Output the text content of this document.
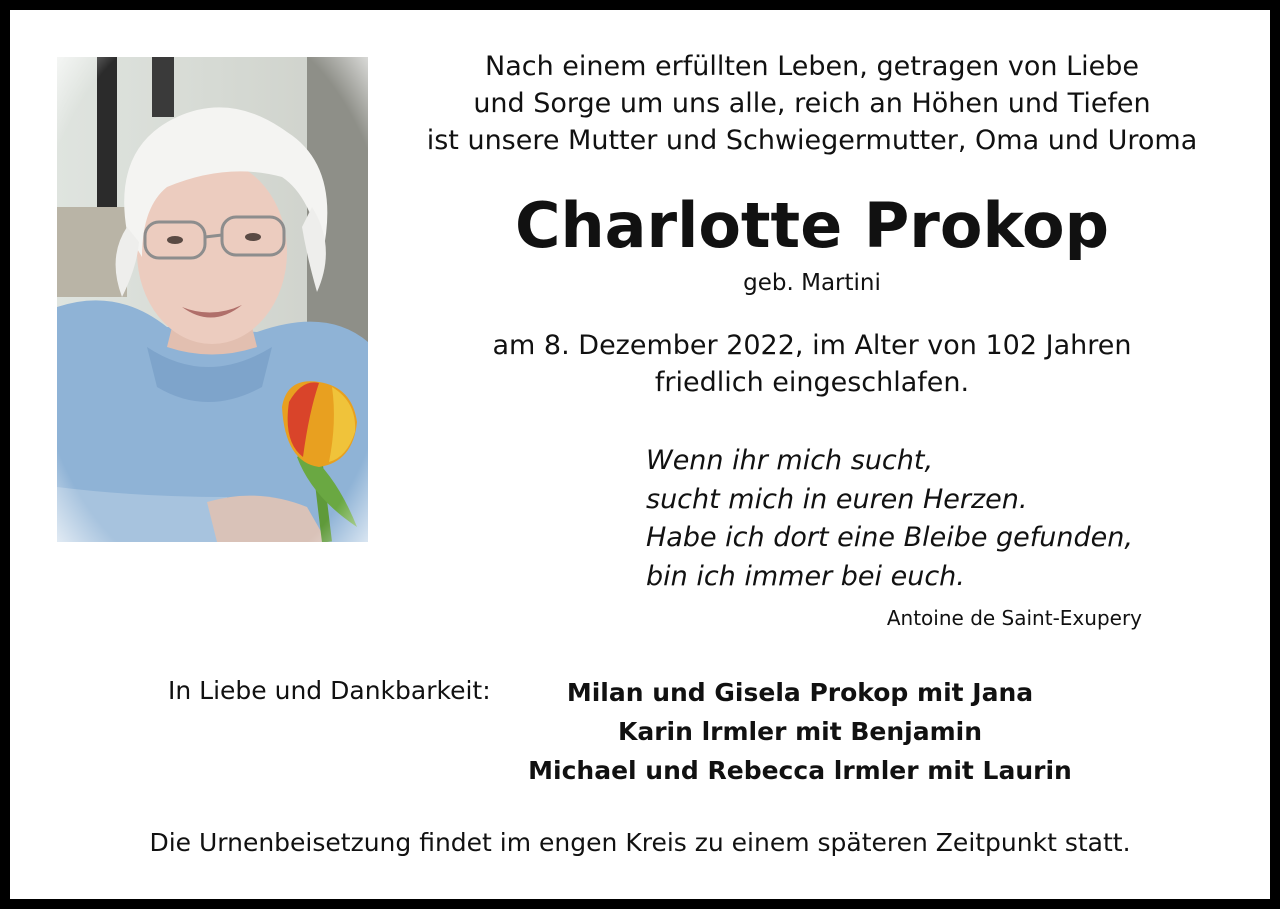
Nach einem erfüllten Leben, getragen von Liebe
und Sorge um uns alle, reich an Höhen und Tiefen
ist unsere Mutter und Schwiegermutter, Oma und Uroma
Charlotte Prokop
geb. Martini
am 8. Dezember 2022, im Alter von 102 Jahren
friedlich eingeschlafen.
Wenn ihr mich sucht,
sucht mich in euren Herzen.
Habe ich dort eine Bleibe gefunden,
bin ich immer bei euch.
Antoine de Saint-Exupery
In Liebe und Dankbarkeit:	Milan und Gisela Prokop mit Jana
Karin lrmler mit Benjamin
Michael und Rebecca lrmler mit Laurin
Die Urnenbeisetzung findet im engen Kreis zu einem späteren Zeitpunkt statt.
